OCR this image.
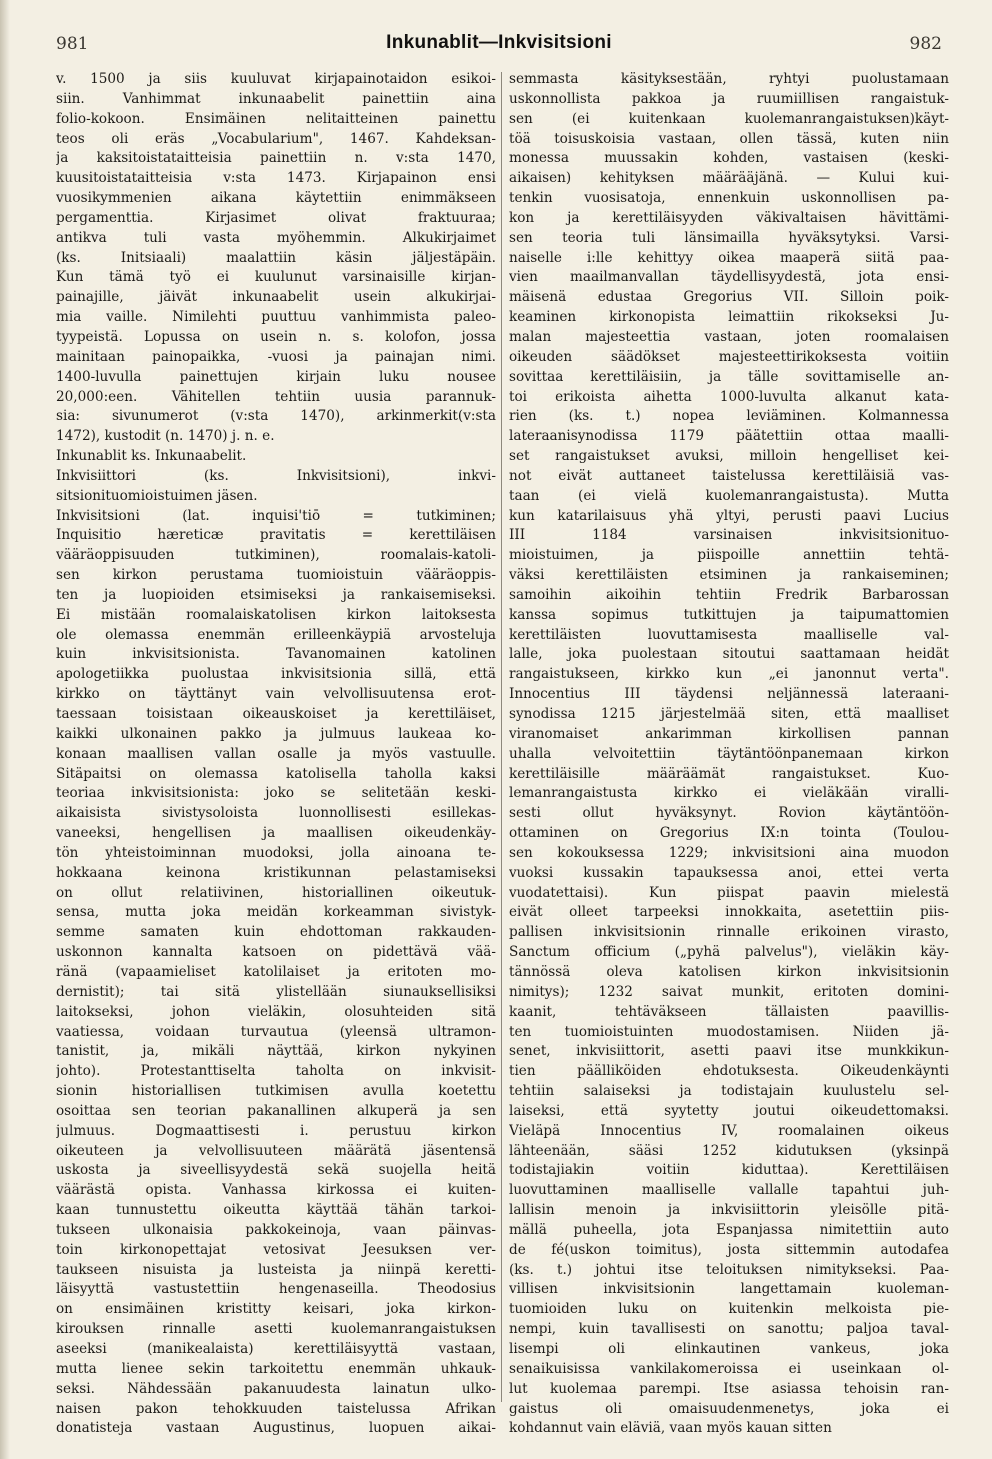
981	Inkunablit—Inkvisitsioni	982
v. 1500 ja siis kuuluvat kirjapainotaidon esikoi-
siin. Vanhimmat inkunaabelit painettiin aina
folio-kokoon. Ensimäinen nelitaitteinen painettu
teos oli eräs „Vocabularium", 1467. Kahdeksan-
ja kaksitoistataitteisia painettiin n. v:sta 1470,
kuusitoistataitteisia v:sta 1473. Kirjapainon ensi
vuosikymmenien aikana käytettiin enimmäkseen
pergamenttia. Kirjasimet olivat fraktuuraa;
antikva tuli vasta myöhemmin. Alkukirjaimet
(ks. Initsiaali) maalattiin käsin jäljestäpäin.
Kun tämä työ ei kuulunut varsinaisille kirjan-
painajille, jäivät inkunaabelit usein alkukirjai-
mia vaille. Nimilehti puuttuu vanhimmista paleo-
tyypeistä. Lopussa on usein n. s. kolofon, jossa
mainitaan painopaikka, -vuosi ja painajan nimi.
1400-luvulla painettujen kirjain luku nousee
20,000:een. Vähitellen tehtiin uusia parannuk-
sia: sivunumerot (v:sta 1470), arkinmerkit(v:sta
1472), kustodit (n. 1470) j. n. e.
Inkunablit ks. Inkunaabelit.
Inkvisiittori (ks. Inkvisitsioni), inkvi-
sitsionituomioistuimen jäsen.
Inkvisitsioni (lat. inquisi'tiō = tutkiminen;
Inquisitio hæreticæ pravitatis = kerettiläisen
vääräoppisuuden tutkiminen), roomalais-katoli-
sen kirkon perustama tuomioistuin vääräoppis-
ten ja luopioiden etsimiseksi ja rankaisemiseksi.
Ei mistään roomalaiskatolisen kirkon laitoksesta
ole olemassa enemmän erilleenkäypiä arvosteluja
kuin inkvisitsionista. Tavanomainen katolinen
apologetiikka puolustaa inkvisitsionia sillä, että
kirkko on täyttänyt vain velvollisuutensa erot-
taessaan toisistaan oikeauskoiset ja kerettiläiset,
kaikki ulkonainen pakko ja julmuus laukeaa ko-
konaan maallisen vallan osalle ja myös vastuulle.
Sitäpaitsi on olemassa katolisella taholla kaksi
teoriaa inkvisitsionista: joko se selitetään keski-
aikaisista sivistysoloista luonnollisesti esillekas-
vaneeksi, hengellisen ja maallisen oikeudenkäy-
tön yhteistoiminnan muodoksi, jolla ainoana te-
hokkaana keinona kristikunnan pelastamiseksi
on ollut relatiivinen, historiallinen oikeutuk-
sensa, mutta joka meidän korkeamman sivistyk-
semme samaten kuin ehdottoman rakkauden-
uskonnon kannalta katsoen on pidettävä vää-
ränä (vapaamieliset katolilaiset ja eritoten mo-
dernistit); tai sitä ylistellään siunauksellisiksi
laitokseksi, johon vieläkin, olosuhteiden sitä
vaatiessa, voidaan turvautua (yleensä ultramon-
tanistit, ja, mikäli näyttää, kirkon nykyinen
johto). Protestanttiselta taholta on inkvisit-
sionin historiallisen tutkimisen avulla koetettu
osoittaa sen teorian pakanallinen alkuperä ja sen
julmuus. Dogmaattisesti i. perustuu kirkon
oikeuteen ja velvollisuuteen määrätä jäsentensä
uskosta ja siveellisyydestä sekä suojella heitä
väärästä opista. Vanhassa kirkossa ei kuiten-
kaan tunnustettu oikeutta käyttää tähän tarkoi-
tukseen ulkonaisia pakkokeinoja, vaan päinvas-
toin kirkonopettajat vetosivat Jeesuksen ver-
taukseen nisuista ja lusteista ja niinpä keretti-
läisyyttä vastustettiin hengenaseilla. Theodosius
on ensimäinen kristitty keisari, joka kirkon-
kirouksen rinnalle asetti kuolemanrangaistuksen
aseeksi (manikealaista) kerettiläisyyttä vastaan,
mutta lienee sekin tarkoitettu enemmän uhkauk-
seksi. Nähdessään pakanuudesta lainatun ulko-
naisen pakon tehokkuuden taistelussa Afrikan
donatisteja vastaan Augustinus, luopuen aikai-
semmasta käsityksestään, ryhtyi puolustamaan
uskonnollista pakkoa ja ruumiillisen rangaistuk-
sen (ei kuitenkaan kuolemanrangaistuksen)käyt-
töä toisuskoisia vastaan, ollen tässä, kuten niin
monessa muussakin kohden, vastaisen (keski-
aikaisen) kehityksen määrääjänä. — Kului kui-
tenkin vuosisatoja, ennenkuin uskonnollisen pa-
kon ja kerettiläisyyden väkivaltaisen hävittämi-
sen teoria tuli länsimailla hyväksytyksi. Varsi-
naiselle i:lle kehittyy oikea maaperä siitä paa-
vien maailmanvallan täydellisyydestä, jota ensi-
mäisenä edustaa Gregorius VII. Silloin poik-
keaminen kirkonopista leimattiin rikokseksi Ju-
malan majesteettia vastaan, joten roomalaisen
oikeuden säädökset majesteettirikoksesta voitiin
sovittaa kerettiläisiin, ja tälle sovittamiselle an-
toi erikoista aihetta 1000-luvulta alkanut kata-
rien (ks. t.) nopea leviäminen. Kolmannessa
lateraanisynodissa 1179 päätettiin ottaa maalli-
set rangaistukset avuksi, milloin hengelliset kei-
not eivät auttaneet taistelussa kerettiläisiä vas-
taan (ei vielä kuolemanrangaistusta). Mutta
kun katarilaisuus yhä yltyi, perusti paavi Lucius
III 1184 varsinaisen inkvisitsionituo-
mioistuimen, ja piispoille annettiin tehtä-
väksi kerettiläisten etsiminen ja rankaiseminen;
samoihin aikoihin tehtiin Fredrik Barbarossan
kanssa sopimus tutkittujen ja taipumattomien
kerettiläisten luovuttamisesta maalliselle val-
lalle, joka puolestaan sitoutui saattamaan heidät
rangaistukseen, kirkko kun „ei janonnut verta".
Innocentius III täydensi neljännessä lateraani-
synodissa 1215 järjestelmää siten, että maalliset
viranomaiset ankarimman kirkollisen pannan
uhalla velvoitettiin täytäntöönpanemaan kirkon
kerettiläisille määräämät rangaistukset. Kuo-
lemanrangaistusta kirkko ei vieläkään viralli-
sesti ollut hyväksynyt. Rovion käytäntöön-
ottaminen on Gregorius IX:n tointa (Toulou-
sen kokouksessa 1229; inkvisitsioni aina muodon
vuoksi kussakin tapauksessa anoi, ettei verta
vuodatettaisi). Kun piispat paavin mielestä
eivät olleet tarpeeksi innokkaita, asetettiin piis-
pallisen inkvisitsionin rinnalle erikoinen virasto,
Sanctum officium („pyhä palvelus"), vieläkin käy-
tännössä oleva katolisen kirkon inkvisitsionin
nimitys); 1232 saivat munkit, eritoten domini-
kaanit, tehtäväkseen tällaisten paavillis-
ten tuomioistuinten muodostamisen. Niiden jä-
senet, inkvisiittorit, asetti paavi itse munkkikun-
tien päälliköiden ehdotuksesta. Oikeudenkäynti
tehtiin salaiseksi ja todistajain kuulustelu sel-
laiseksi, että syytetty joutui oikeudettomaksi.
Vieläpä Innocentius IV, roomalainen oikeus
lähteenään, sääsi 1252 kidutuksen (yksinpä
todistajiakin voitiin kiduttaa). Kerettiläisen
luovuttaminen maalliselle vallalle tapahtui juh-
lallisin menoin ja inkvisiittorin yleisölle pitä-
mällä puheella, jota Espanjassa nimitettiin auto
de fé(uskon toimitus), josta sittemmin autodafea
(ks. t.) johtui itse teloituksen nimitykseksi. Paa-
villisen inkvisitsionin langettamain kuoleman-
tuomioiden luku on kuitenkin melkoista pie-
nempi, kuin tavallisesti on sanottu; paljoa taval-
lisempi oli elinkautinen vankeus, joka
senaikuisissa vankilakomeroissa ei useinkaan ol-
lut kuolemaa parempi. Itse asiassa tehoisin ran-
gaistus oli omaisuudenmenetys, joka ei
kohdannut vain eläviä, vaan myös kauan sitten
